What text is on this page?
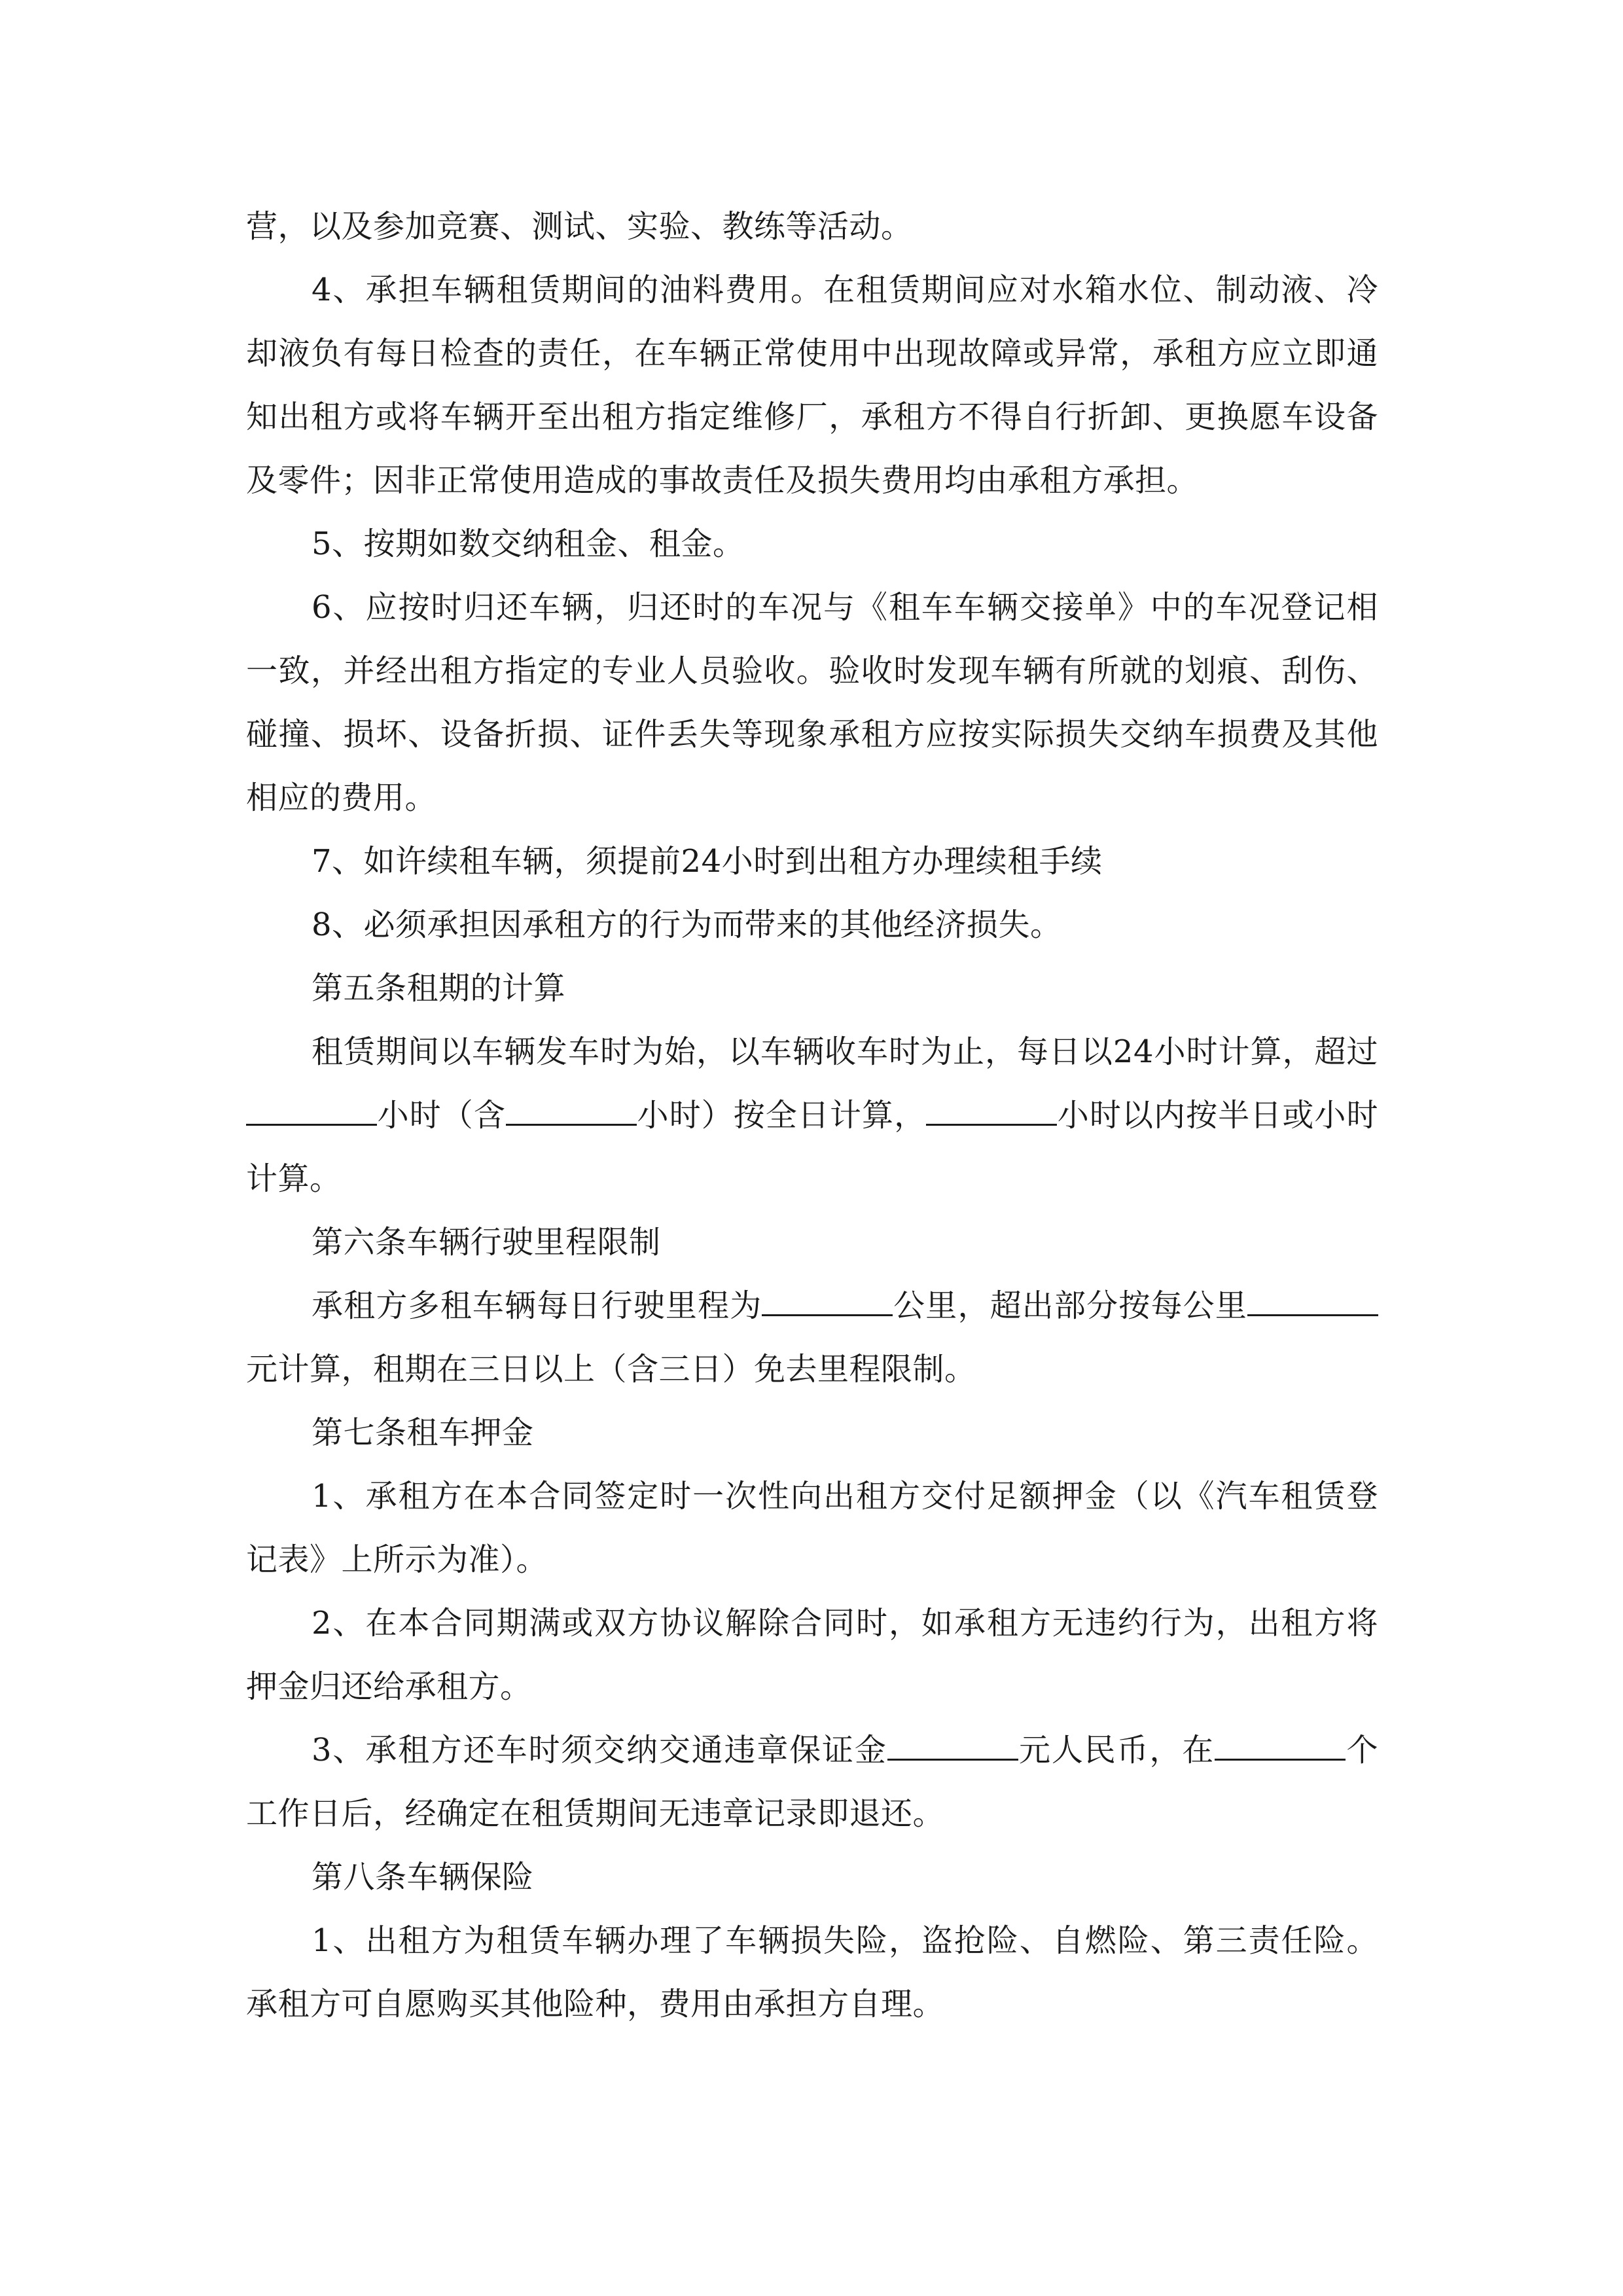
营，以及参加竞赛、测试、实验、教练等活动。

4、承担车辆租赁期间的油料费用。在租赁期间应对水箱水位、制动液、冷却液负有每日检查的责任，在车辆正常使用中出现故障或异常，承租方应立即通知出租方或将车辆开至出租方指定维修厂，承租方不得自行折卸、更换愿车设备及零件；因非正常使用造成的事故责任及损失费用均由承租方承担。

5、按期如数交纳租金、租金。

6、应按时归还车辆，归还时的车况与《租车车辆交接单》中的车况登记相一致，并经出租方指定的专业人员验收。验收时发现车辆有所就的划痕、刮伤、碰撞、损坏、设备折损、证件丢失等现象承租方应按实际损失交纳车损费及其他相应的费用。

7、如许续租车辆，须提前24小时到出租方办理续租手续

8、必须承担因承租方的行为而带来的其他经济损失。

第五条租期的计算

租赁期间以车辆发车时为始，以车辆收车时为止，每日以24小时计算，超过小时（含	小时）按全日计算，	小时以内按半日或小时计算。

第六条车辆行驶里程限制

承租方多租车辆每日行驶里程为	公里，超出部分按每公里元计算，租期在三日以上（含三日）免去里程限制。

第七条租车押金

1、承租方在本合同签定时一次性向出租方交付足额押金（以《汽车租赁登记表》上所示为准）。

2、在本合同期满或双方协议解除合同时，如承租方无违约行为，出租方将押金归还给承租方。

3、承租方还车时须交纳交通违章保证金	元人民币，在	个工作日后，经确定在租赁期间无违章记录即退还。

第八条车辆保险

1、出租方为租赁车辆办理了车辆损失险，盗抢险、自燃险、第三责任险。承租方可自愿购买其他险种，费用由承担方自理。
